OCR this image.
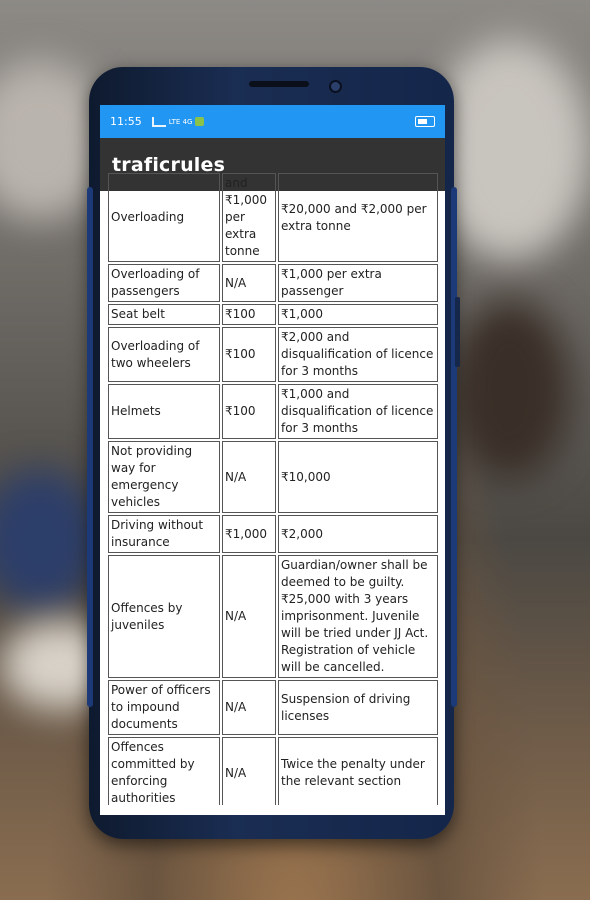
11:55	LTE 4G
traficrules
Overloading	and ₹1,000 per extra tonne	₹20,000 and ₹2,000 per extra tonne
Overloading of passengers	N/A	₹1,000 per extra passenger
Seat belt	₹100	₹1,000
Overloading of two wheelers	₹100	₹2,000 and disqualification of licence for 3 months
Helmets	₹100	₹1,000 and disqualification of licence for 3 months
Not providing way for emergency vehicles	N/A	₹10,000
Driving without insurance	₹1,000	₹2,000
Offences by juveniles	N/A	Guardian/owner shall be deemed to be guilty. ₹25,000 with 3 years imprisonment. Juvenile will be tried under JJ Act. Registration of vehicle will be cancelled.
Power of officers to impound documents	N/A	Suspension of driving licenses
Offences committed by enforcing authorities	N/A	Twice the penalty under the relevant section
